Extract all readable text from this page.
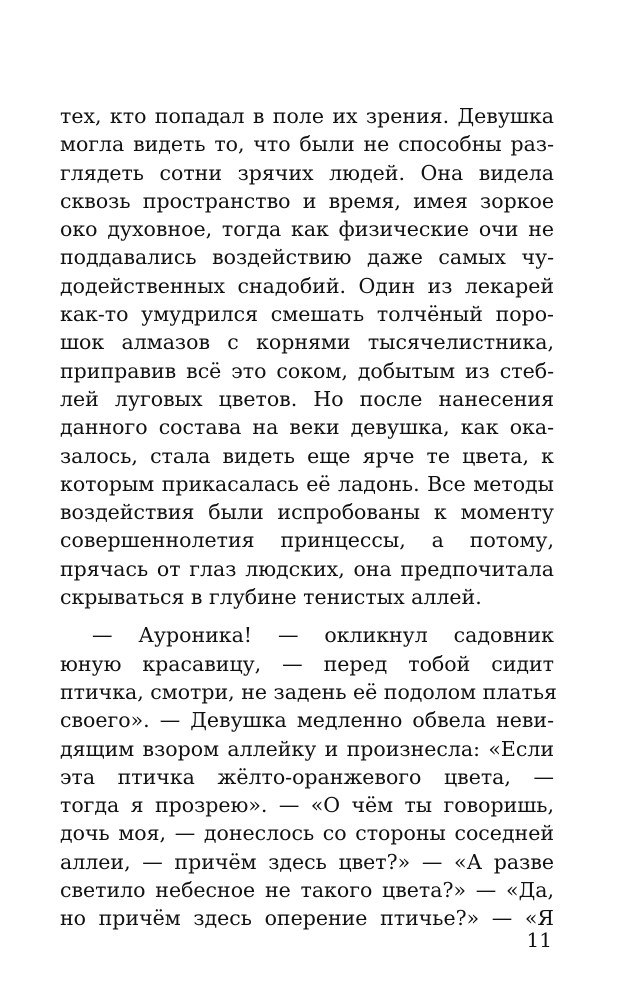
тех, кто попадал в поле их зрения. Девушка
могла видеть то, что были не способны раз-
глядеть сотни зрячих людей. Она видела
сквозь пространство и время, имея зоркое
око духовное, тогда как физические очи не
поддавались воздействию даже самых чу-
додейственных снадобий. Один из лекарей
как-то умудрился смешать толчёный поро-
шок алмазов с корнями тысячелистника,
приправив всё это соком, добытым из стеб-
лей луговых цветов. Но после нанесения
данного состава на веки девушка, как ока-
залось, стала видеть еще ярче те цвета, к
которым прикасалась её ладонь. Все методы
воздействия были испробованы к моменту
совершеннолетия принцессы, а потому,
прячась от глаз людских, она предпочитала
скрываться в глубине тенистых аллей.
— Ауроника! — окликнул садовник
юную красавицу, — перед тобой сидит
птичка, смотри, не задень её подолом платья
своего». — Девушка медленно обвела неви-
дящим взором аллейку и произнесла: «Если
эта птичка жёлто-оранжевого цвета, —
тогда я прозрею». — «О чём ты говоришь,
дочь моя, — донеслось со стороны соседней
аллеи, — причём здесь цвет?» — «А разве
светило небесное не такого цвета?» — «Да,
но причём здесь оперение птичье?» — «Я
11
